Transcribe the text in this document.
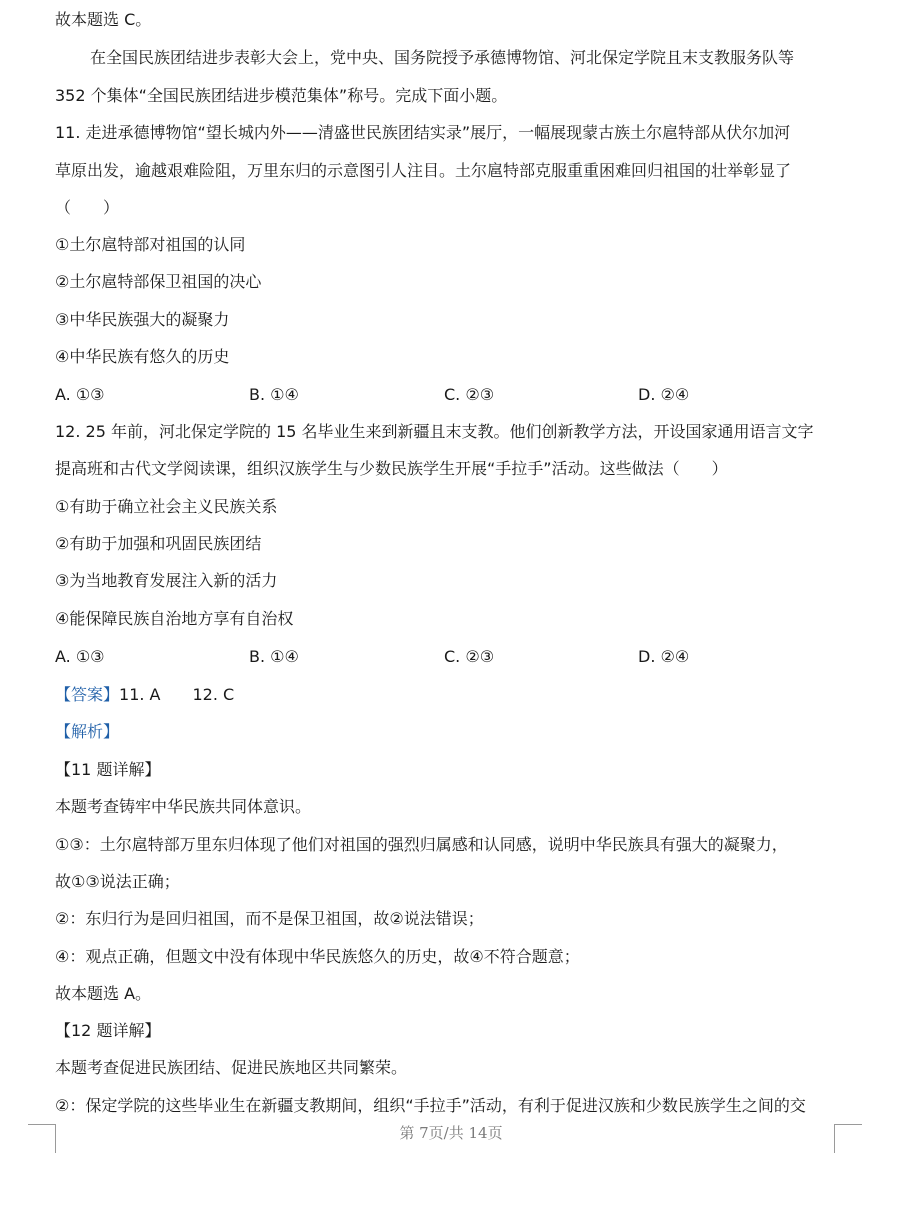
故本题选 C。
在全国民族团结进步表彰大会上，党中央、国务院授予承德博物馆、河北保定学院且末支教服务队等
352 个集体“全国民族团结进步模范集体”称号。完成下面小题。
11. 走进承德博物馆“望长城内外——清盛世民族团结实录”展厅，一幅展现蒙古族土尔扈特部从伏尔加河
草原出发，逾越艰难险阻，万里东归的示意图引人注目。土尔扈特部克服重重困难回归祖国的壮举彰显了
（　　）
①土尔扈特部对祖国的认同
②土尔扈特部保卫祖国的决心
③中华民族强大的凝聚力
④中华民族有悠久的历史
A. ①③	B. ①④	C. ②③	D. ②④
12. 25 年前，河北保定学院的 15 名毕业生来到新疆且末支教。他们创新教学方法，开设国家通用语言文字
提高班和古代文学阅读课，组织汉族学生与少数民族学生开展“手拉手”活动。这些做法（　　）
①有助于确立社会主义民族关系
②有助于加强和巩固民族团结
③为当地教育发展注入新的活力
④能保障民族自治地方享有自治权
A. ①③	B. ①④	C. ②③	D. ②④
【答案】11. A　　12. C
【解析】
【11 题详解】
本题考查铸牢中华民族共同体意识。
①③：土尔扈特部万里东归体现了他们对祖国的强烈归属感和认同感，说明中华民族具有强大的凝聚力，
故①③说法正确；
②：东归行为是回归祖国，而不是保卫祖国，故②说法错误；
④：观点正确，但题文中没有体现中华民族悠久的历史，故④不符合题意；
故本题选 A。
【12 题详解】
本题考查促进民族团结、促进民族地区共同繁荣。
②：保定学院的这些毕业生在新疆支教期间，组织“手拉手”活动，有利于促进汉族和少数民族学生之间的交
第 7页/共 14页
